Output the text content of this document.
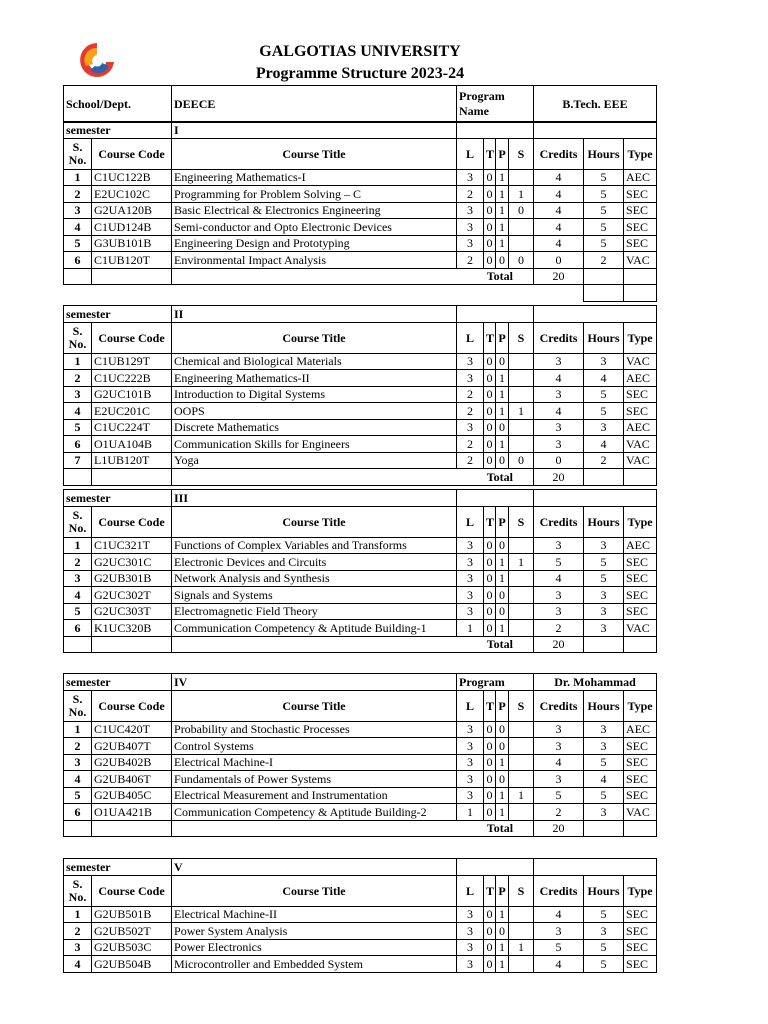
GALGOTIAS UNIVERSITY
Programme Structure 2023-24
School/Dept.	DEECE	Program Name	B.Tech. EEE
semester		I							
S. No.	Course Code	Course Title	L	T	P	S	Credits	Hours	Type
1	C1UC122B	Engineering Mathematics-I	3	0	1		4	5	AEC
2	E2UC102C	Programming for Problem Solving – C	2	0	1	1	4	5	SEC
3	G2UA120B	Basic Electrical & Electronics Engineering	3	0	1	0	4	5	SEC
4	C1UD124B	Semi-conductor and Opto Electronic Devices	3	0	1		4	5	SEC
5	G3UB101B	Engineering Design and Prototyping	3	0	1		4	5	SEC
6	C1UB120T	Environmental Impact Analysis	2	0	0	0	0	2	VAC
		Total					20		

semester		II							
S. No.	Course Code	Course Title	L	T	P	S	Credits	Hours	Type
1	C1UB129T	Chemical and Biological Materials	3	0	0		3	3	VAC
2	C1UC222B	Engineering Mathematics-II	3	0	1		4	4	AEC
3	G2UC101B	Introduction to Digital Systems	2	0	1		3	5	SEC
4	E2UC201C	OOPS	2	0	1	1	4	5	SEC
5	C1UC224T	Discrete Mathematics	3	0	0		3	3	AEC
6	O1UA104B	Communication Skills for Engineers	2	0	1		3	4	VAC
7	L1UB120T	Yoga	2	0	0	0	0	2	VAC
		Total					20		
semester		III							
S. No.	Course Code	Course Title	L	T	P	S	Credits	Hours	Type
1	C1UC321T	Functions of Complex Variables and Transforms	3	0	0		3	3	AEC
2	G2UC301C	Electronic Devices and Circuits	3	0	1	1	5	5	SEC
3	G2UB301B	Network Analysis and Synthesis	3	0	1		4	5	SEC
4	G2UC302T	Signals and Systems	3	0	0		3	3	SEC
5	G2UC303T	Electromagnetic Field Theory	3	0	0		3	3	SEC
6	K1UC320B	Communication Competency & Aptitude Building-1	1	0	1		2	3	VAC
		Total					20		
semester		IV	Program				Dr. Mohammad		
S. No.	Course Code	Course Title	L	T	P	S	Credits	Hours	Type
1	C1UC420T	Probability and Stochastic Processes	3	0	0		3	3	AEC
2	G2UB407T	Control Systems	3	0	0		3	3	SEC
3	G2UB402B	Electrical Machine-I	3	0	1		4	5	SEC
4	G2UB406T	Fundamentals of Power Systems	3	0	0		3	4	SEC
5	G2UB405C	Electrical Measurement and Instrumentation	3	0	1	1	5	5	SEC
6	O1UA421B	Communication Competency & Aptitude Building-2	1	0	1		2	3	VAC
		Total					20		
semester		V							
S. No.	Course Code	Course Title	L	T	P	S	Credits	Hours	Type
1	G2UB501B	Electrical Machine-II	3	0	1		4	5	SEC
2	G2UB502T	Power System Analysis	3	0	0		3	3	SEC
3	G2UB503C	Power Electronics	3	0	1	1	5	5	SEC
4	G2UB504B	Microcontroller and Embedded System	3	0	1		4	5	SEC
